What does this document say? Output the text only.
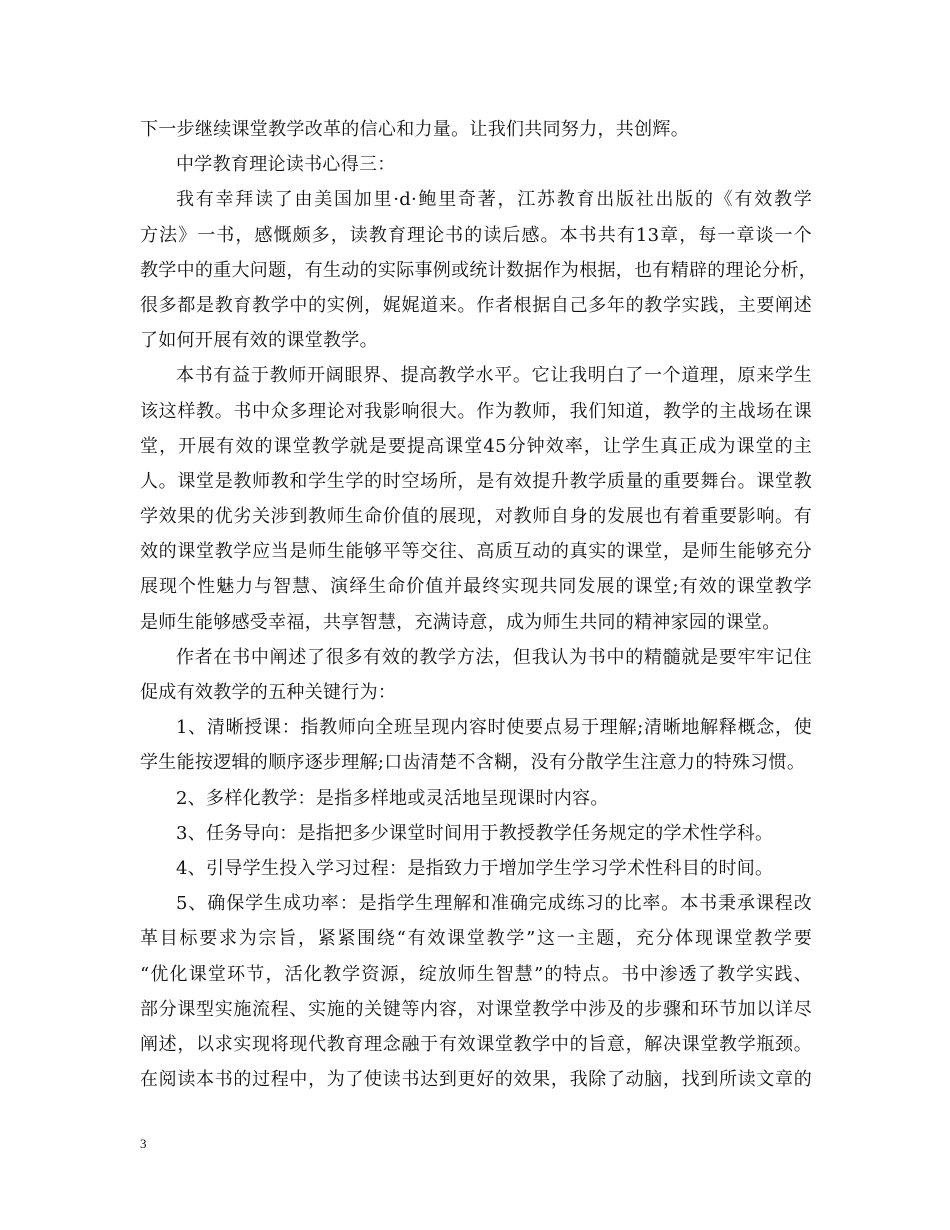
下一步继续课堂教学改革的信心和力量。让我们共同努力，共创辉。
中学教育理论读书心得三：
我有幸拜读了由美国加里·d·鲍里奇著，江苏教育出版社出版的《有效教学
方法》一书，感慨颇多，读教育理论书的读后感。本书共有13章，每一章谈一个
教学中的重大问题，有生动的实际事例或统计数据作为根据，也有精辟的理论分析，
很多都是教育教学中的实例，娓娓道来。作者根据自己多年的教学实践，主要阐述
了如何开展有效的课堂教学。
本书有益于教师开阔眼界、提高教学水平。它让我明白了一个道理，原来学生
该这样教。书中众多理论对我影响很大。作为教师，我们知道，教学的主战场在课
堂，开展有效的课堂教学就是要提高课堂45分钟效率，让学生真正成为课堂的主
人。课堂是教师教和学生学的时空场所，是有效提升教学质量的重要舞台。课堂教
学效果的优劣关涉到教师生命价值的展现，对教师自身的发展也有着重要影响。有
效的课堂教学应当是师生能够平等交往、高质互动的真实的课堂，是师生能够充分
展现个性魅力与智慧、演绎生命价值并最终实现共同发展的课堂;有效的课堂教学
是师生能够感受幸福，共享智慧，充满诗意，成为师生共同的精神家园的课堂。
作者在书中阐述了很多有效的教学方法，但我认为书中的精髓就是要牢牢记住
促成有效教学的五种关键行为：
1、清晰授课：指教师向全班呈现内容时使要点易于理解;清晰地解释概念，使
学生能按逻辑的顺序逐步理解;口齿清楚不含糊，没有分散学生注意力的特殊习惯。
2、多样化教学：是指多样地或灵活地呈现课时内容。
3、任务导向：是指把多少课堂时间用于教授教学任务规定的学术性学科。
4、引导学生投入学习过程：是指致力于增加学生学习学术性科目的时间。
5、确保学生成功率：是指学生理解和准确完成练习的比率。本书秉承课程改
革目标要求为宗旨，紧紧围绕“有效课堂教学”这一主题，充分体现课堂教学要
“优化课堂环节，活化教学资源，绽放师生智慧”的特点。书中渗透了教学实践、
部分课型实施流程、实施的关键等内容，对课堂教学中涉及的步骤和环节加以详尽
阐述，以求实现将现代教育理念融于有效课堂教学中的旨意，解决课堂教学瓶颈。
在阅读本书的过程中，为了使读书达到更好的效果，我除了动脑，找到所读文章的
3
